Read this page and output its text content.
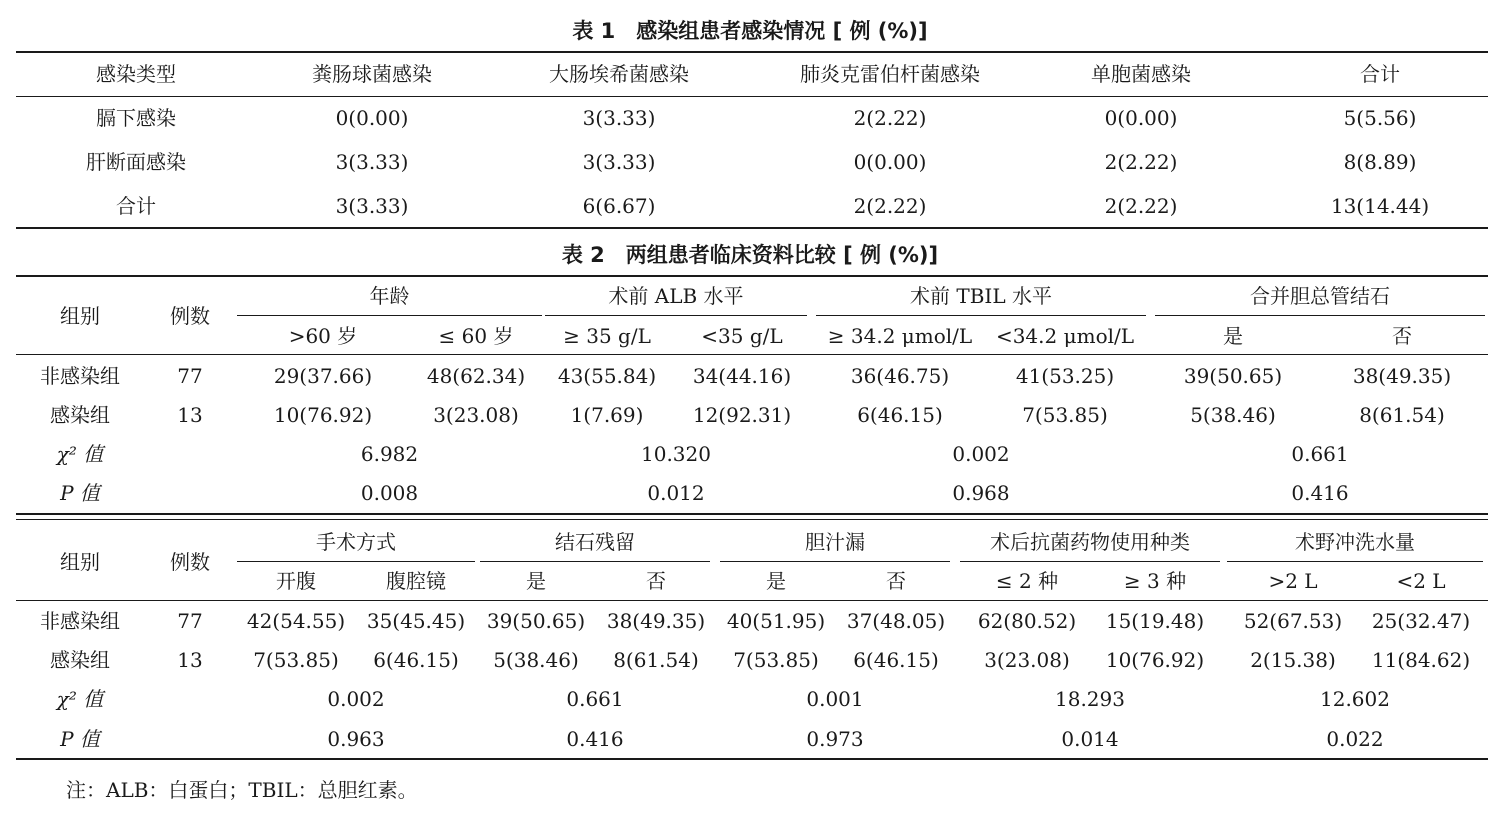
表 1　感染组患者感染情况 [ 例 (%)]
感染类型	粪肠球菌感染	大肠埃希菌感染	肺炎克雷伯杆菌感染	单胞菌感染	合计
膈下感染	0(0.00)	3(3.33)	2(2.22)	0(0.00)	5(5.56)
肝断面感染	3(3.33)	3(3.33)	0(0.00)	2(2.22)	8(8.89)
合计	3(3.33)	6(6.67)	2(2.22)	2(2.22)	13(14.44)
表 2　两组患者临床资料比较 [ 例 (%)]
组别	例数
年龄	术前 ALB 水平	术前 TBIL 水平	合并胆总管结石
>60 岁	≤ 60 岁	≥ 35 g/L	<35 g/L	≥ 34.2 μmol/L	<34.2 μmol/L	是	否
非感染组	77	29(37.66)	48(62.34)	43(55.84)	34(44.16)	36(46.75)	41(53.25)	39(50.65)	38(49.35)
感染组	13	10(76.92)	3(23.08)	1(7.69)	12(92.31)	6(46.15)	7(53.85)	5(38.46)	8(61.54)
χ² 值	6.982	10.320	0.002	0.661
P 值	0.008	0.012	0.968	0.416
组别	例数
手术方式	结石残留	胆汁漏	术后抗菌药物使用种类	术野冲洗水量
开腹	腹腔镜	是	否	是	否	≤ 2 种	≥ 3 种	>2 L	<2 L
非感染组	77	42(54.55)	35(45.45)	39(50.65)	38(49.35)	40(51.95)	37(48.05)	62(80.52)	15(19.48)	52(67.53)	25(32.47)
感染组	13	7(53.85)	6(46.15)	5(38.46)	8(61.54)	7(53.85)	6(46.15)	3(23.08)	10(76.92)	2(15.38)	11(84.62)
χ² 值	0.002	0.661	0.001	18.293	12.602
P 值	0.963	0.416	0.973	0.014	0.022
注：ALB：白蛋白；TBIL：总胆红素。
